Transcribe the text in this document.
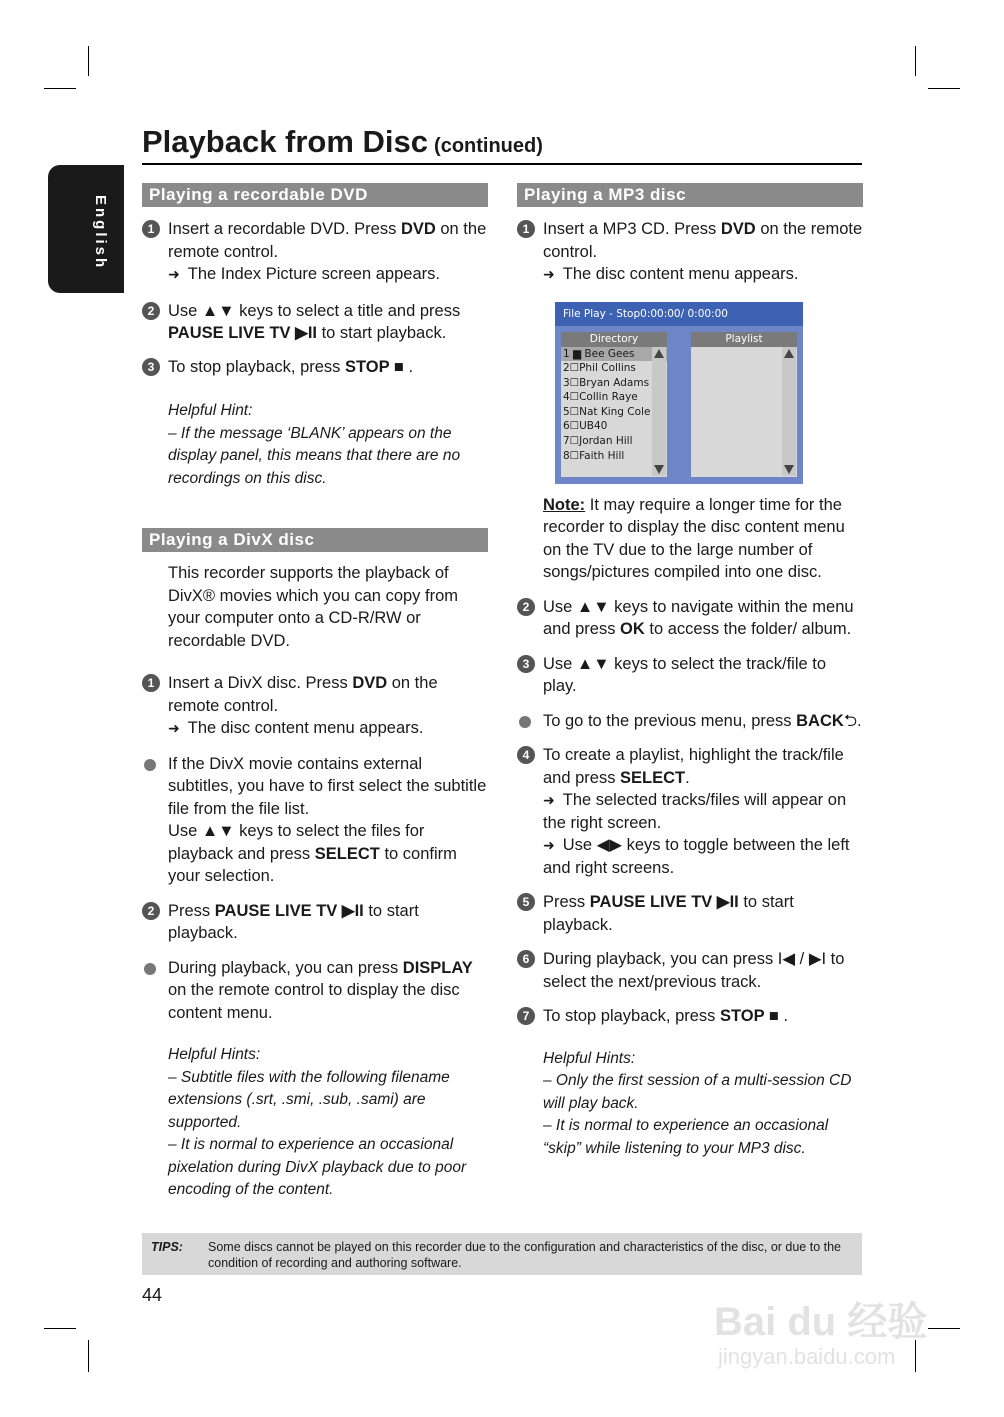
English
Playback from Disc (continued)
Playing a recordable DVD
1 Insert a recordable DVD. Press DVD on the remote control.

➜ The Index Picture screen appears.

2 Use ▲▼ keys to select a title and press PAUSE LIVE TV ▶II to start playback.

3 To stop playback, press STOP ■ .

Helpful Hint:

– If the message ‘BLANK’ appears on the display panel, this means that there are no recordings on this disc.

Playing a DivX disc

This recorder supports the playback of DivX® movies which you can copy from your computer onto a CD-R/RW or recordable DVD.

1 Insert a DivX disc. Press DVD on the remote control.

➜ The disc content menu appears.

If the DivX movie contains external subtitles, you have to first select the subtitle file from the file list.

Use ▲▼ keys to select the files for playback and press SELECT to confirm your selection.

2 Press PAUSE LIVE TV ▶II to start playback.

During playback, you can press DISPLAY on the remote control to display the disc content menu.

Helpful Hints:

– Subtitle files with the following filename extensions (.srt, .smi, .sub, .sami) are supported.

– It is normal to experience an occasional pixelation during DivX playback due to poor encoding of the content.

Playing a MP3 disc
1 Insert a MP3 CD. Press DVD on the remote control.

➜ The disc content menu appears.

File Play - Stop0:00:00/ 0:00:00
Directory
1 ▆ Bee Gees
2☐Phil Collins
3☐Bryan Adams
4☐Collin Raye
5☐Nat King Cole
6☐UB40
7☐Jordan Hill
8☐Faith Hill
Playlist

Note: It may require a longer time for the recorder to display the disc content menu on the TV due to the large number of songs/pictures compiled into one disc.

2 Use ▲▼ keys to navigate within the menu and press OK to access the folder/ album.

3 Use ▲▼ keys to select the track/file to play.

To go to the previous menu, press BACK⮌.

4 To create a playlist, highlight the track/file and press SELECT.

➜ The selected tracks/files will appear on the right screen.

➜ Use ◀▶ keys to toggle between the left and right screens.

5 Press PAUSE LIVE TV ▶II to start playback.

6 During playback, you can press I◀ / ▶I to select the next/previous track.

7 To stop playback, press STOP ■ .

Helpful Hints:

– Only the first session of a multi-session CD will play back.

– It is normal to experience an occasional “skip” while listening to your MP3 disc.

TIPS: Some discs cannot be played on this recorder due to the configuration and characteristics of the disc, or due to the condition of recording and authoring software.
44
Bai du 经验
jingyan.baidu.com
